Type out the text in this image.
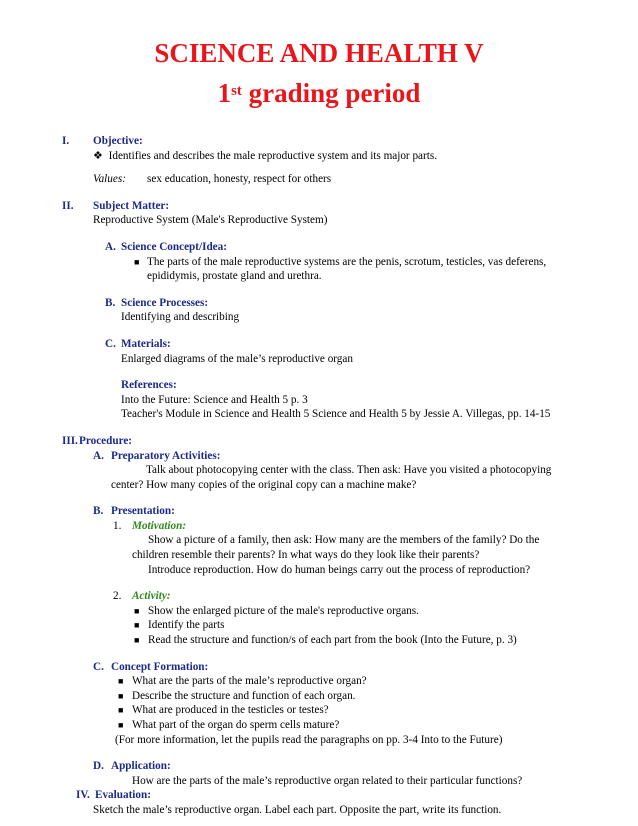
SCIENCE AND HEALTH V
1st grading period
I. Objective:
❖ Identifies and describes the male reproductive system and its major parts.
Values: sex education, honesty, respect for others
II. Subject Matter:
Reproductive System (Male's Reproductive System)
A. Science Concept/Idea:
■ The parts of the male reproductive systems are the penis, scrotum, testicles, vas deferens,
epididymis, prostate gland and urethra.
B. Science Processes:
Identifying and describing
C. Materials:
Enlarged diagrams of the male’s reproductive organ
References:
Into the Future: Science and Health 5 p. 3
Teacher's Module in Science and Health 5 Science and Health 5 by Jessie A. Villegas, pp. 14-15
III. Procedure:
A. Preparatory Activities:
Talk about photocopying center with the class. Then ask: Have you visited a photocopying
center? How many copies of the original copy can a machine make?
B. Presentation:
1. Motivation:
Show a picture of a family, then ask: How many are the members of the family? Do the
children resemble their parents? In what ways do they look like their parents?
Introduce reproduction. How do human beings carry out the process of reproduction?
2. Activity:
■ Show the enlarged picture of the male's reproductive organs.
■ Identify the parts
■ Read the structure and function/s of each part from the book (Into the Future, p. 3)
C. Concept Formation:
■ What are the parts of the male’s reproductive organ?
■ Describe the structure and function of each organ.
■ What are produced in the testicles or testes?
■ What part of the organ do sperm cells mature?
(For more information, let the pupils read the paragraphs on pp. 3-4 Into to the Future)
D. Application:
How are the parts of the male’s reproductive organ related to their particular functions?
IV. Evaluation:
Sketch the male’s reproductive organ. Label each part. Opposite the part, write its function.
